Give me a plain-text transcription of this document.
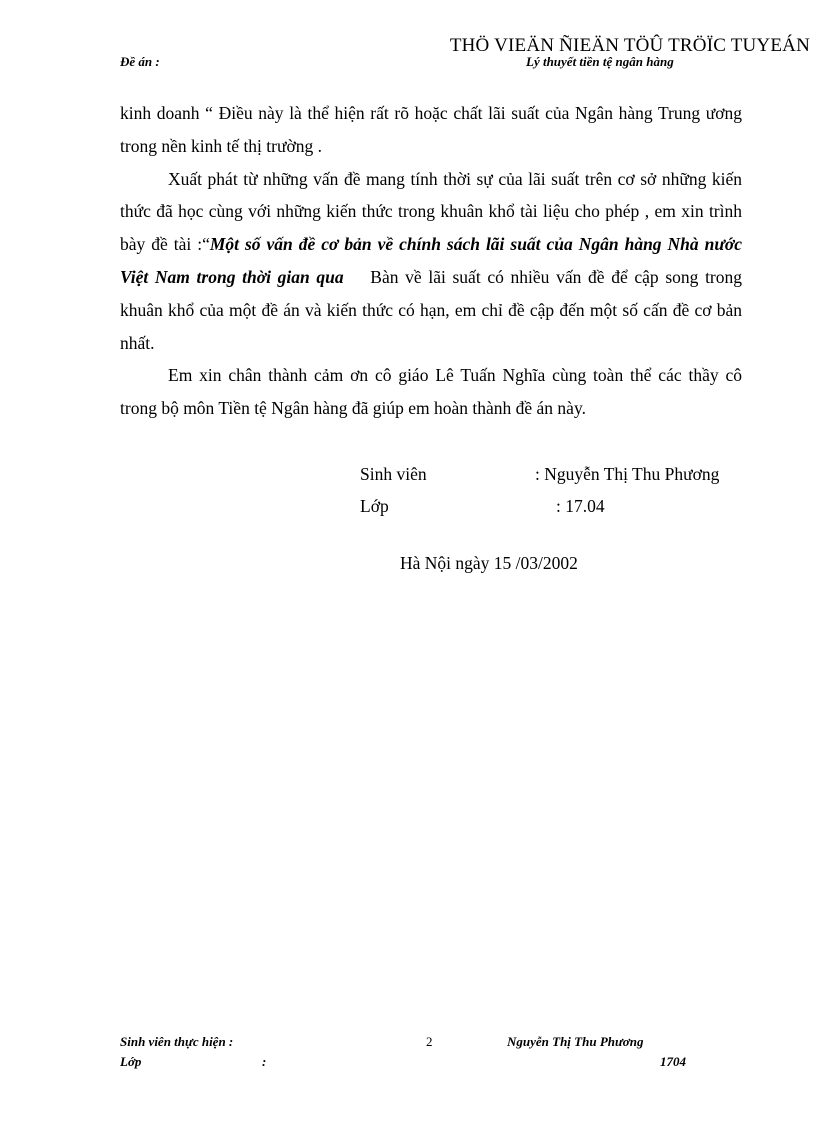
THÖ VIEÄN ÑIEÄN TÖÛ TRÖÏC TUYEÁN
Đề án :	Lý thuyết tiền tệ ngân hàng

kinh doanh “ Điều này là thể hiện rất rõ hoặc chất lãi suất của Ngân hàng Trung ương trong nền kinh tế thị trường .

Xuất phát từ những vấn đề mang tính thời sự của lãi suất trên cơ sở những kiến thức đã học cùng với những kiến thức trong khuân khổ tài liệu cho phép , em xin trình bày đề tài :“Một số vấn đề cơ bản về chính sách lãi suất của Ngân hàng Nhà nước Việt Nam trong thời gian qua Bàn về lãi suất có nhiều vấn đề để cập song trong khuân khổ của một đề án và kiến thức có hạn, em chỉ đề cập đến một số cấn đề cơ bản nhất.

Em xin chân thành cảm ơn cô giáo Lê Tuấn Nghĩa cùng toàn thể các thầy cô trong bộ môn Tiền tệ Ngân hàng đã giúp em hoàn thành đề án này.

Sinh viên	: Nguyễn Thị Thu Phương
Lớp	: 17.04
Hà Nội ngày 15 /03/2002
Sinh viên thực hiện :
Lớp	:
2	Nguyễn Thị Thu Phương
1704
